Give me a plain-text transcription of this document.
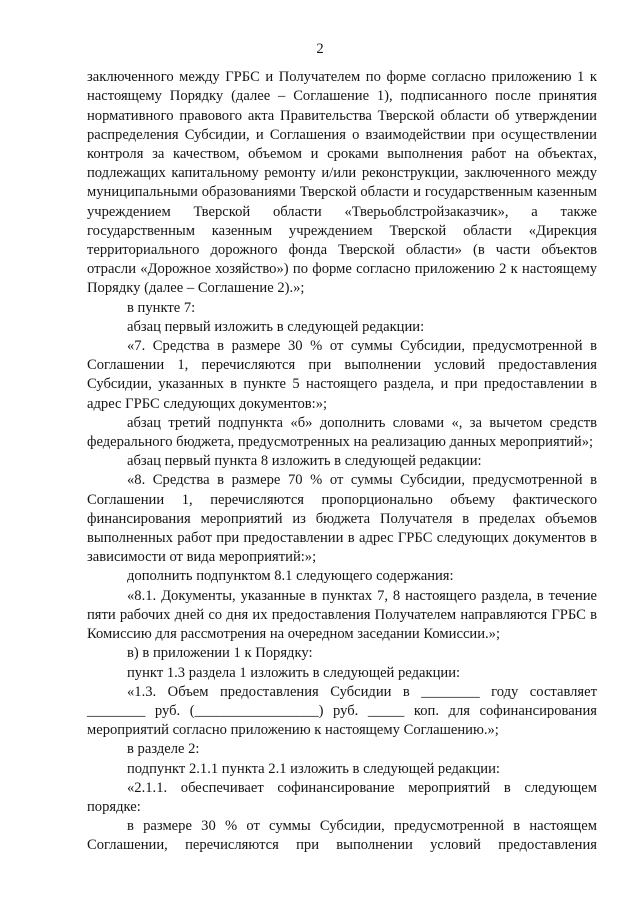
2

заключенного между ГРБС и Получателем по форме согласно приложению 1 к настоящему Порядку (далее – Соглашение 1), подписанного после принятия нормативного правового акта Правительства Тверской области об утверждении распределения Субсидии, и Соглашения о взаимодействии при осуществлении контроля за качеством, объемом и сроками выполнения работ на объектах, подлежащих капитальному ремонту и/или реконструкции, заключенного между муниципальными образованиями Тверской области и государственным казенным учреждением Тверской области «Тверьоблстройзаказчик», а также государственным казенным учреждением Тверской области «Дирекция территориального дорожного фонда Тверской области» (в части объектов отрасли «Дорожное хозяйство») по форме согласно приложению 2 к настоящему Порядку (далее – Соглашение 2).»;

в пункте 7:

абзац первый изложить в следующей редакции:

«7. Средства в размере 30 % от суммы Субсидии, предусмотренной в Соглашении 1, перечисляются при выполнении условий предоставления Субсидии, указанных в пункте 5 настоящего раздела, и при предоставлении в адрес ГРБС следующих документов:»;

абзац третий подпункта «б» дополнить словами «, за вычетом средств федерального бюджета, предусмотренных на реализацию данных мероприятий»;

абзац первый пункта 8 изложить в следующей редакции:

«8. Средства в размере 70 % от суммы Субсидии, предусмотренной в Соглашении 1, перечисляются пропорционально объему фактического финансирования мероприятий из бюджета Получателя в пределах объемов выполненных работ при предоставлении в адрес ГРБС следующих документов в зависимости от вида мероприятий:»;

дополнить подпунктом 8.1 следующего содержания:

«8.1. Документы, указанные в пунктах 7, 8 настоящего раздела, в течение пяти рабочих дней со дня их предоставления Получателем направляются ГРБС в Комиссию для рассмотрения на очередном заседании Комиссии.»;

в) в приложении 1 к Порядку:

пункт 1.3 раздела 1 изложить в следующей редакции:

«1.3. Объем предоставления Субсидии в ________ году составляет ________ руб. (_________________) руб. _____ коп. для софинансирования мероприятий согласно приложению к настоящему Соглашению.»;

в разделе 2:

подпункт 2.1.1 пункта 2.1 изложить в следующей редакции:

«2.1.1. обеспечивает софинансирование мероприятий в следующем порядке:

в размере 30 % от суммы Субсидии, предусмотренной в настоящем Соглашении, перечисляются при выполнении условий предоставления
